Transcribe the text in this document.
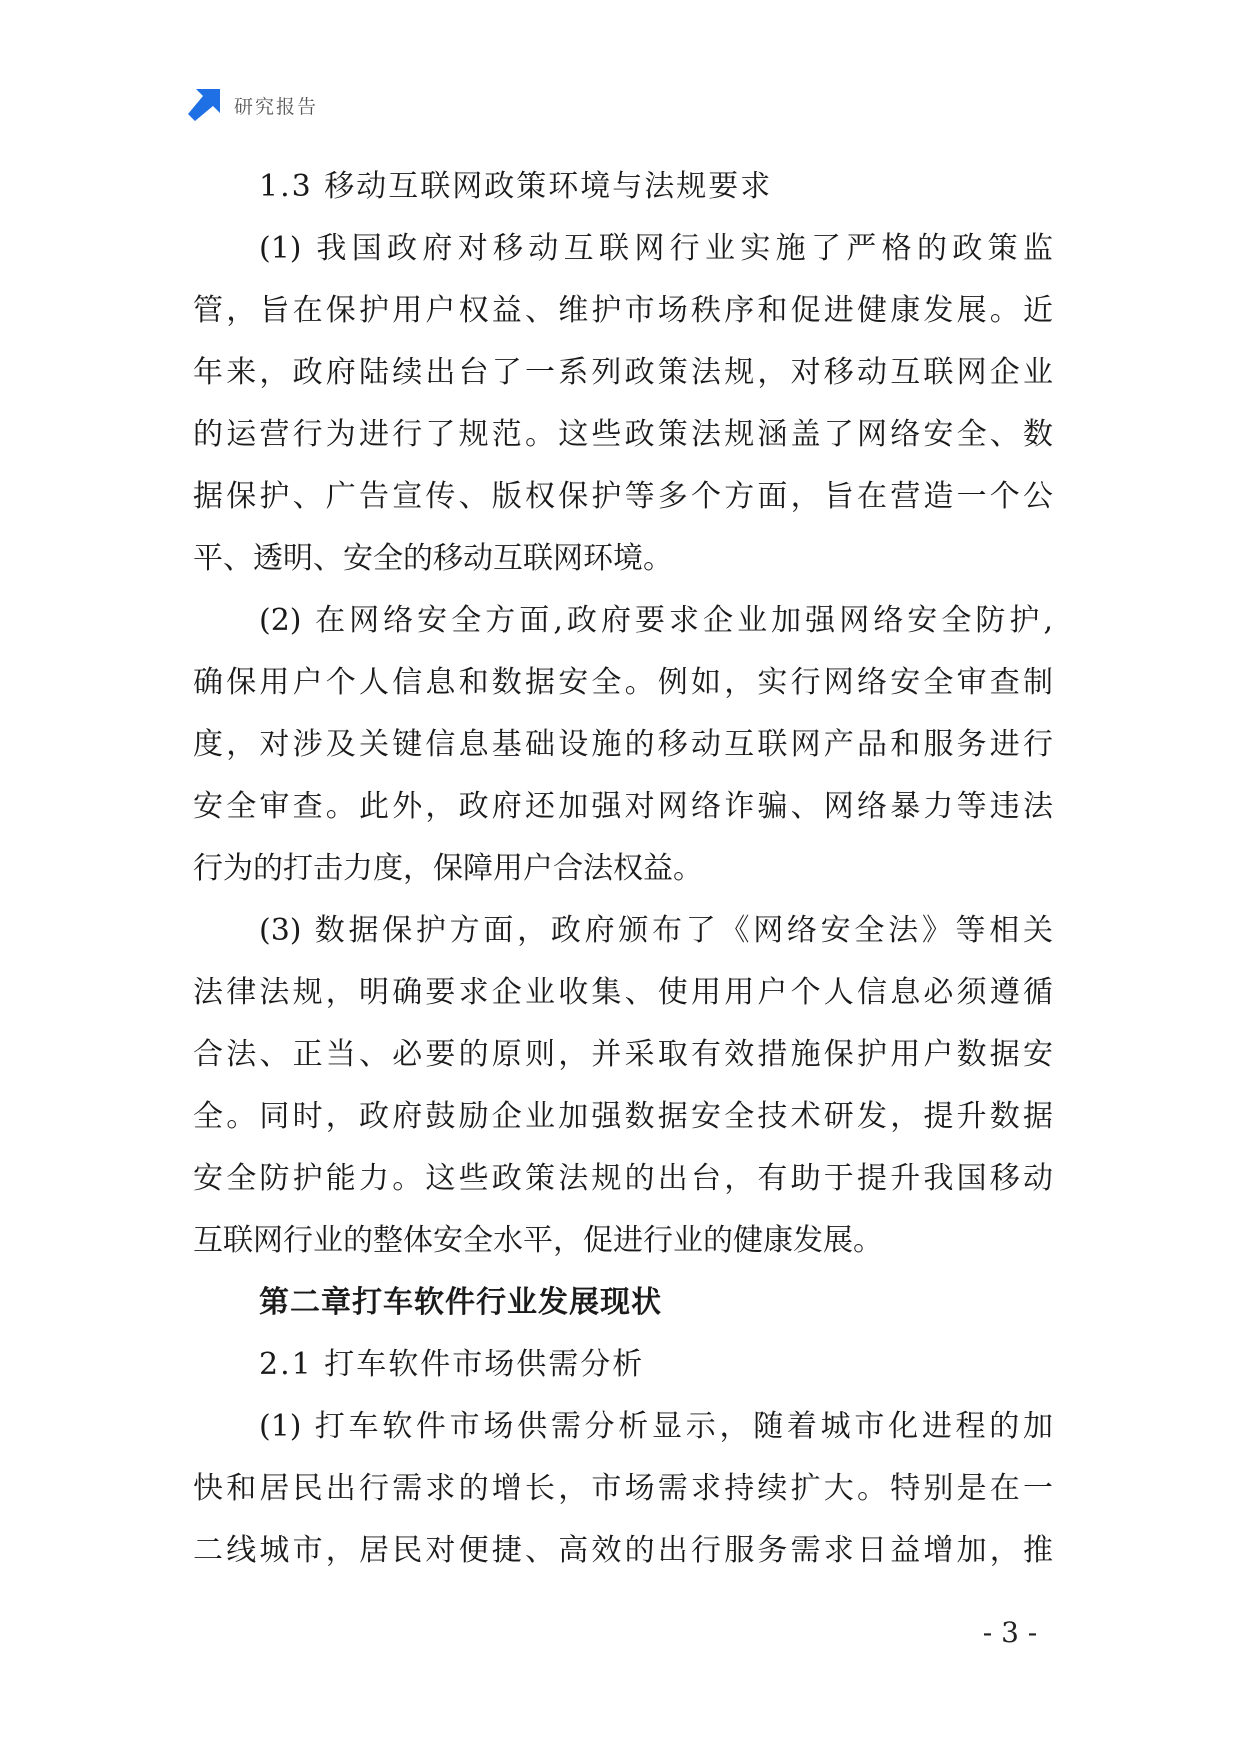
研究报告
1.3 移动互联网政策环境与法规要求
(1) 我国政府对移动互联网行业实施了严格的政策监
管，旨在保护用户权益、维护市场秩序和促进健康发展。近
年来，政府陆续出台了一系列政策法规，对移动互联网企业
的运营行为进行了规范。这些政策法规涵盖了网络安全、数
据保护、广告宣传、版权保护等多个方面，旨在营造一个公
平、透明、安全的移动互联网环境。
(2) 在网络安全方面,政府要求企业加强网络安全防护,
确保用户个人信息和数据安全。例如，实行网络安全审查制
度，对涉及关键信息基础设施的移动互联网产品和服务进行
安全审查。此外，政府还加强对网络诈骗、网络暴力等违法
行为的打击力度，保障用户合法权益。
(3) 数据保护方面，政府颁布了《网络安全法》等相关
法律法规，明确要求企业收集、使用用户个人信息必须遵循
合法、正当、必要的原则，并采取有效措施保护用户数据安
全。同时，政府鼓励企业加强数据安全技术研发，提升数据
安全防护能力。这些政策法规的出台，有助于提升我国移动
互联网行业的整体安全水平，促进行业的健康发展。
第二章打车软件行业发展现状
2.1 打车软件市场供需分析
(1) 打车软件市场供需分析显示，随着城市化进程的加
快和居民出行需求的增长，市场需求持续扩大。特别是在一
二线城市，居民对便捷、高效的出行服务需求日益增加，推
- 3 -
